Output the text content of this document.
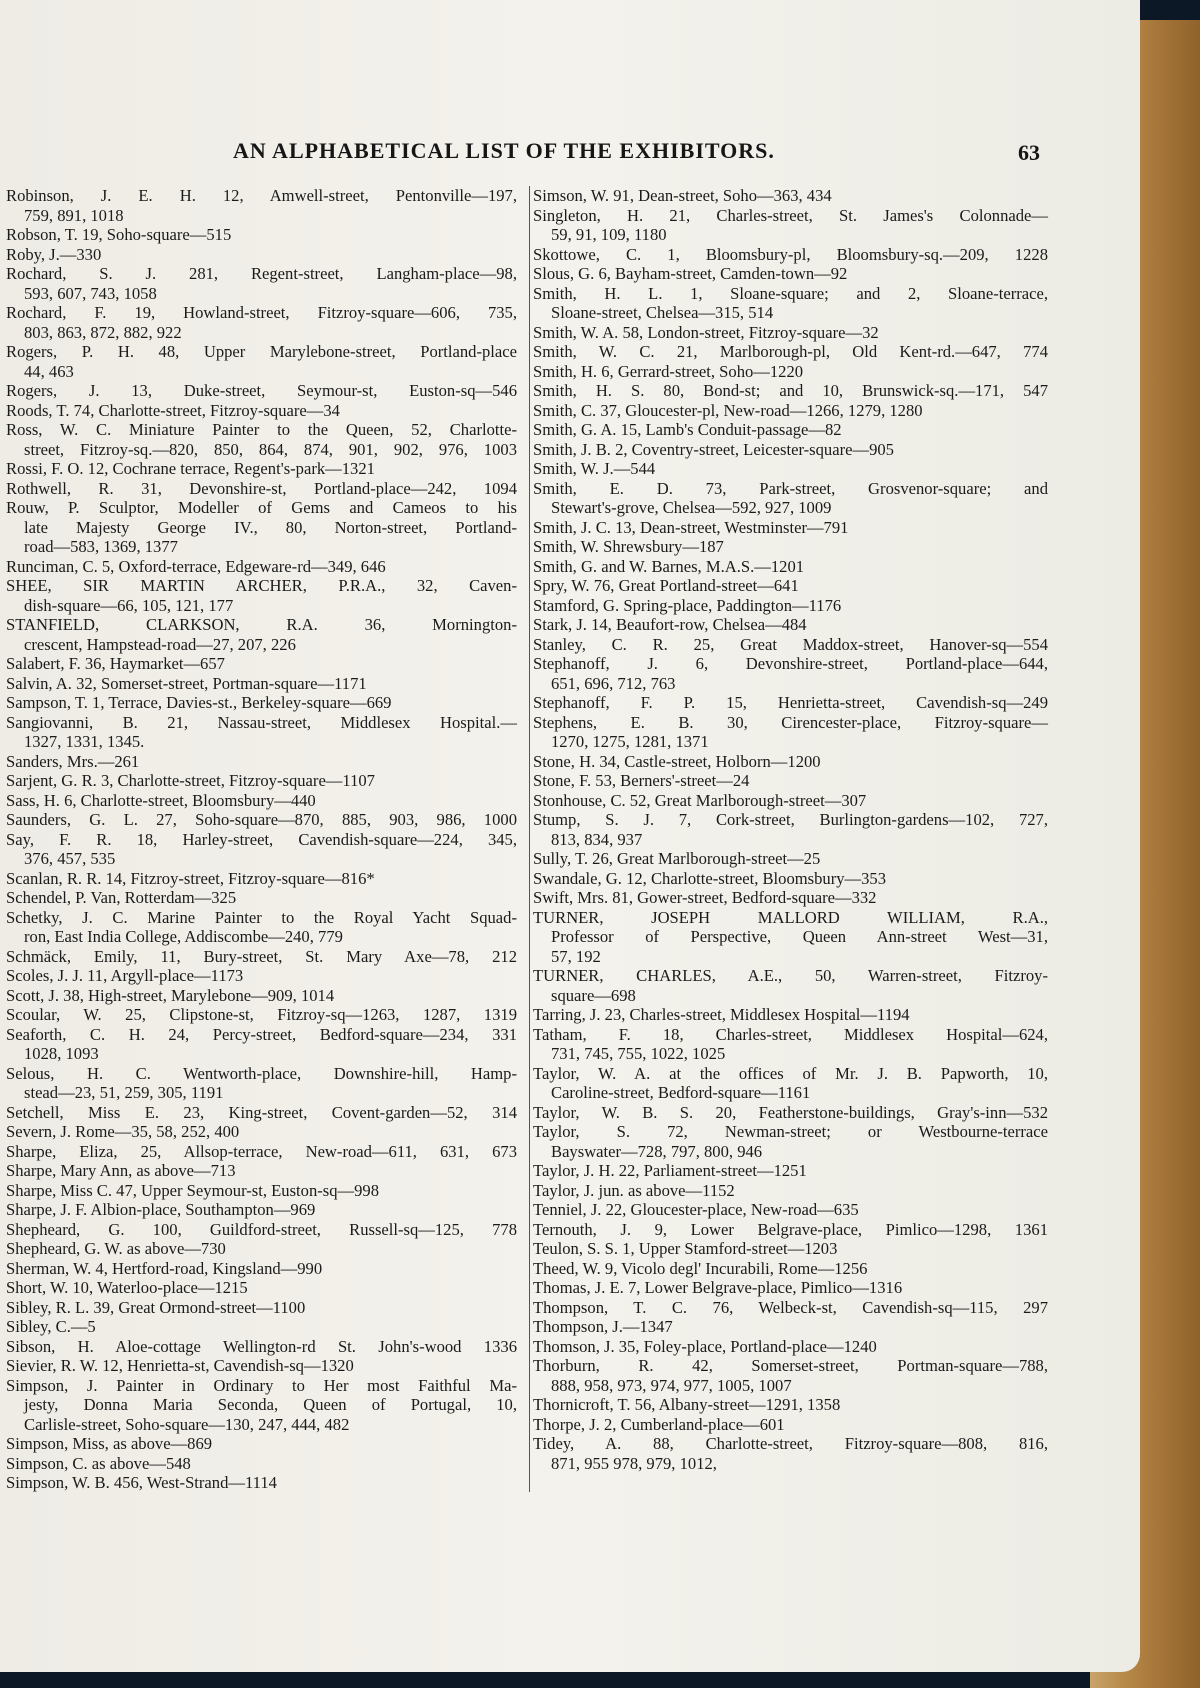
AN ALPHABETICAL LIST OF THE EXHIBITORS.	63
Robinson, J. E. H. 12, Amwell-street, Pentonville—197,
759, 891, 1018
Robson, T. 19, Soho-square—515
Roby, J.—330
Rochard, S. J. 281, Regent-street, Langham-place—98,
593, 607, 743, 1058
Rochard, F. 19, Howland-street, Fitzroy-square—606, 735,
803, 863, 872, 882, 922
Rogers, P. H. 48, Upper Marylebone-street, Portland-place
44, 463
Rogers, J. 13, Duke-street, Seymour-st, Euston-sq—546
Roods, T. 74, Charlotte-street, Fitzroy-square—34
Ross, W. C. Miniature Painter to the Queen, 52, Charlotte-
street, Fitzroy-sq.—820, 850, 864, 874, 901, 902, 976, 1003
Rossi, F. O. 12, Cochrane terrace, Regent's-park—1321
Rothwell, R. 31, Devonshire-st, Portland-place—242, 1094
Rouw, P. Sculptor, Modeller of Gems and Cameos to his
late Majesty George IV., 80, Norton-street, Portland-
road—583, 1369, 1377
Runciman, C. 5, Oxford-terrace, Edgeware-rd—349, 646
SHEE, SIR MARTIN ARCHER, P.R.A., 32, Caven-
dish-square—66, 105, 121, 177
STANFIELD, CLARKSON, R.A. 36, Mornington-
crescent, Hampstead-road—27, 207, 226
Salabert, F. 36, Haymarket—657
Salvin, A. 32, Somerset-street, Portman-square—1171
Sampson, T. 1, Terrace, Davies-st., Berkeley-square—669
Sangiovanni, B. 21, Nassau-street, Middlesex Hospital.—
1327, 1331, 1345.
Sanders, Mrs.—261
Sarjent, G. R. 3, Charlotte-street, Fitzroy-square—1107
Sass, H. 6, Charlotte-street, Bloomsbury—440
Saunders, G. L. 27, Soho-square—870, 885, 903, 986, 1000
Say, F. R. 18, Harley-street, Cavendish-square—224, 345,
376, 457, 535
Scanlan, R. R. 14, Fitzroy-street, Fitzroy-square—816*
Schendel, P. Van, Rotterdam—325
Schetky, J. C. Marine Painter to the Royal Yacht Squad-
ron, East India College, Addiscombe—240, 779
Schmäck, Emily, 11, Bury-street, St. Mary Axe—78, 212
Scoles, J. J. 11, Argyll-place—1173
Scott, J. 38, High-street, Marylebone—909, 1014
Scoular, W. 25, Clipstone-st, Fitzroy-sq—1263, 1287, 1319
Seaforth, C. H. 24, Percy-street, Bedford-square—234, 331
1028, 1093
Selous, H. C. Wentworth-place, Downshire-hill, Hamp-
stead—23, 51, 259, 305, 1191
Setchell, Miss E. 23, King-street, Covent-garden—52, 314
Severn, J. Rome—35, 58, 252, 400
Sharpe, Eliza, 25, Allsop-terrace, New-road—611, 631, 673
Sharpe, Mary Ann, as above—713
Sharpe, Miss C. 47, Upper Seymour-st, Euston-sq—998
Sharpe, J. F. Albion-place, Southampton—969
Shepheard, G. 100, Guildford-street, Russell-sq—125, 778
Shepheard, G. W. as above—730
Sherman, W. 4, Hertford-road, Kingsland—990
Short, W. 10, Waterloo-place—1215
Sibley, R. L. 39, Great Ormond-street—1100
Sibley, C.—5
Sibson, H. Aloe-cottage Wellington-rd St. John's-wood 1336
Sievier, R. W. 12, Henrietta-st, Cavendish-sq—1320
Simpson, J. Painter in Ordinary to Her most Faithful Ma-
jesty, Donna Maria Seconda, Queen of Portugal, 10,
Carlisle-street, Soho-square—130, 247, 444, 482
Simpson, Miss, as above—869
Simpson, C. as above—548
Simpson, W. B. 456, West-Strand—1114
Simson, W. 91, Dean-street, Soho—363, 434
Singleton, H. 21, Charles-street, St. James's Colonnade—
59, 91, 109, 1180
Skottowe, C. 1, Bloomsbury-pl, Bloomsbury-sq.—209, 1228
Slous, G. 6, Bayham-street, Camden-town—92
Smith, H. L. 1, Sloane-square; and 2, Sloane-terrace,
Sloane-street, Chelsea—315, 514
Smith, W. A. 58, London-street, Fitzroy-square—32
Smith, W. C. 21, Marlborough-pl, Old Kent-rd.—647, 774
Smith, H. 6, Gerrard-street, Soho—1220
Smith, H. S. 80, Bond-st; and 10, Brunswick-sq.—171, 547
Smith, C. 37, Gloucester-pl, New-road—1266, 1279, 1280
Smith, G. A. 15, Lamb's Conduit-passage—82
Smith, J. B. 2, Coventry-street, Leicester-square—905
Smith, W. J.—544
Smith, E. D. 73, Park-street, Grosvenor-square; and
Stewart's-grove, Chelsea—592, 927, 1009
Smith, J. C. 13, Dean-street, Westminster—791
Smith, W. Shrewsbury—187
Smith, G. and W. Barnes, M.A.S.—1201
Spry, W. 76, Great Portland-street—641
Stamford, G. Spring-place, Paddington—1176
Stark, J. 14, Beaufort-row, Chelsea—484
Stanley, C. R. 25, Great Maddox-street, Hanover-sq—554
Stephanoff, J. 6, Devonshire-street, Portland-place—644,
651, 696, 712, 763
Stephanoff, F. P. 15, Henrietta-street, Cavendish-sq—249
Stephens, E. B. 30, Cirencester-place, Fitzroy-square—
1270, 1275, 1281, 1371
Stone, H. 34, Castle-street, Holborn—1200
Stone, F. 53, Berners'-street—24
Stonhouse, C. 52, Great Marlborough-street—307
Stump, S. J. 7, Cork-street, Burlington-gardens—102, 727,
813, 834, 937
Sully, T. 26, Great Marlborough-street—25
Swandale, G. 12, Charlotte-street, Bloomsbury—353
Swift, Mrs. 81, Gower-street, Bedford-square—332
TURNER, JOSEPH MALLORD WILLIAM, R.A.,
Professor of Perspective, Queen Ann-street West—31,
57, 192
TURNER, CHARLES, A.E., 50, Warren-street, Fitzroy-
square—698
Tarring, J. 23, Charles-street, Middlesex Hospital—1194
Tatham, F. 18, Charles-street, Middlesex Hospital—624,
731, 745, 755, 1022, 1025
Taylor, W. A. at the offices of Mr. J. B. Papworth, 10,
Caroline-street, Bedford-square—1161
Taylor, W. B. S. 20, Featherstone-buildings, Gray's-inn—532
Taylor, S. 72, Newman-street; or Westbourne-terrace
Bayswater—728, 797, 800, 946
Taylor, J. H. 22, Parliament-street—1251
Taylor, J. jun. as above—1152
Tenniel, J. 22, Gloucester-place, New-road—635
Ternouth, J. 9, Lower Belgrave-place, Pimlico—1298, 1361
Teulon, S. S. 1, Upper Stamford-street—1203
Theed, W. 9, Vicolo degl' Incurabili, Rome—1256
Thomas, J. E. 7, Lower Belgrave-place, Pimlico—1316
Thompson, T. C. 76, Welbeck-st, Cavendish-sq—115, 297
Thompson, J.—1347
Thomson, J. 35, Foley-place, Portland-place—1240
Thorburn, R. 42, Somerset-street, Portman-square—788,
888, 958, 973, 974, 977, 1005, 1007
Thornicroft, T. 56, Albany-street—1291, 1358
Thorpe, J. 2, Cumberland-place—601
Tidey, A. 88, Charlotte-street, Fitzroy-square—808, 816,
871, 955 978, 979, 1012,
